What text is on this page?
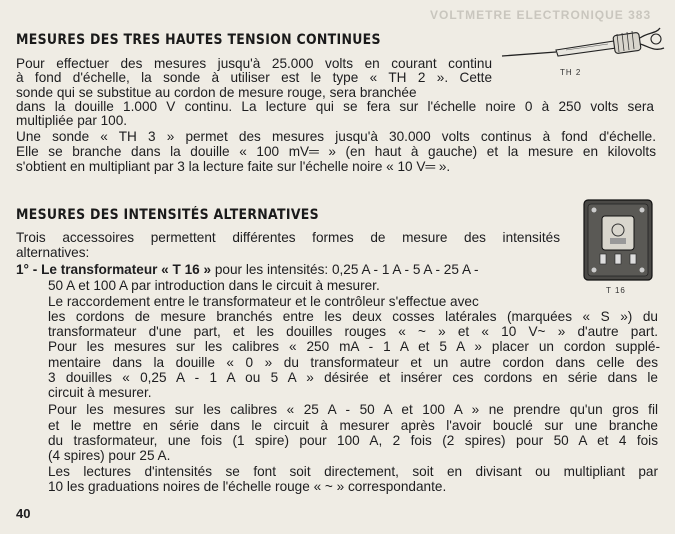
VOLTMETRE ELECTRONIQUE 383
MESURES DES TRES HAUTES TENSION CONTINUES
Pour effectuer des mesures jusqu'à 25.000 volts en courant continu
à fond d'échelle, la sonde à utiliser est le type « TH 2 ». Cette
sonde qui se substitue au cordon de mesure rouge, sera branchée
dans la douille 1.000 V continu. La lecture qui se fera sur l'échelle noire 0 à 250 volts sera
multipliée par 100.
Une sonde « TH 3 » permet des mesures jusqu'à 30.000 volts continus à fond d'échelle.
Elle se branche dans la douille « 100 mV═ » (en haut à gauche) et la mesure en kilovolts
s'obtient en multipliant par 3 la lecture faite sur l'échelle noire « 10 V═ ».
TH 2
MESURES DES INTENSITÉS ALTERNATIVES
Trois accessoires permettent différentes formes de mesure des intensités
alternatives:
1° - Le transformateur « T 16 » pour les intensités: 0,25 A - 1 A - 5 A - 25 A -
50 A et 100 A par introduction dans le circuit à mesurer.
Le raccordement entre le transformateur et le contrôleur s'effectue avec
les cordons de mesure branchés entre les deux cosses latérales (marquées « S ») du
transformateur d'une part, et les douilles rouges « ~ » et « 10 V~ » d'autre part.
Pour les mesures sur les calibres « 250 mA - 1 A et 5 A » placer un cordon supplé-
mentaire dans la douille « 0 » du transformateur et un autre cordon dans celle des
3 douilles « 0,25 A - 1 A ou 5 A » désirée et insérer ces cordons en série dans le
circuit à mesurer.
Pour les mesures sur les calibres « 25 A - 50 A et 100 A » ne prendre qu'un gros fil
et le mettre en série dans le circuit à mesurer après l'avoir bouclé sur une branche
du trasformateur, une fois (1 spire) pour 100 A, 2 fois (2 spires) pour 50 A et 4 fois
(4 spires) pour 25 A.
Les lectures d'intensités se font soit directement, soit en divisant ou multipliant par
10 les graduations noires de l'échelle rouge « ~ » correspondante.
T 16
40
